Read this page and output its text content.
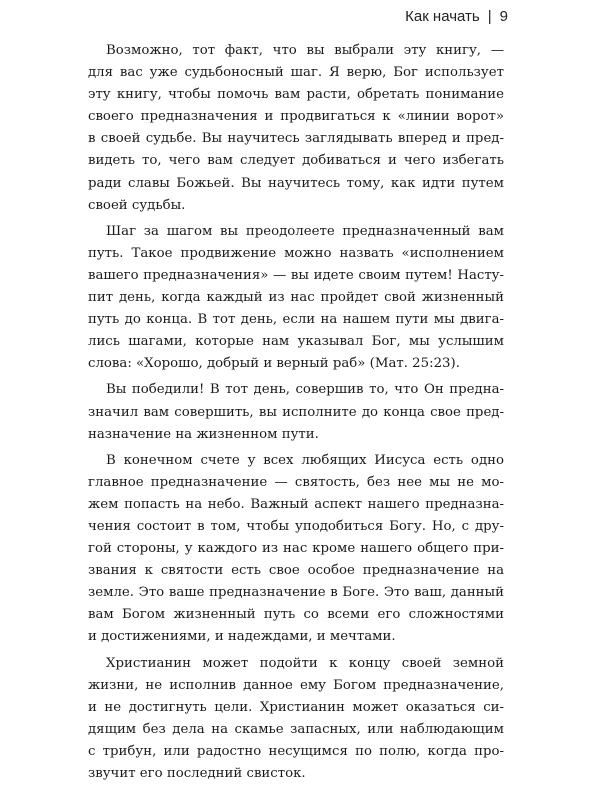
Как начать | 9
Возможно, тот факт, что вы выбрали эту книгу, —
для вас уже судьбоносный шаг. Я верю, Бог использует
эту книгу, чтобы помочь вам расти, обретать понимание
своего предназначения и продвигаться к «линии ворот»
в своей судьбе. Вы научитесь заглядывать вперед и пред-
видеть то, чего вам следует добиваться и чего избегать
ради славы Божьей. Вы научитесь тому, как идти путем
своей судьбы.
Шаг за шагом вы преодолеете предназначенный вам
путь. Такое продвижение можно назвать «исполнением
вашего предназначения» — вы идете своим путем! Насту-
пит день, когда каждый из нас пройдет свой жизненный
путь до конца. В тот день, если на нашем пути мы двига-
лись шагами, которые нам указывал Бог, мы услышим
слова: «Хорошо, добрый и верный раб» (Мат. 25:23).
Вы победили! В тот день, совершив то, что Он предна-
значил вам совершить, вы исполните до конца свое пред-
назначение на жизненном пути.
В конечном счете у всех любящих Иисуса есть одно
главное предназначение — святость, без нее мы не мо-
жем попасть на небо. Важный аспект нашего предназна-
чения состоит в том, чтобы уподобиться Богу. Но, с дру-
гой стороны, у каждого из нас кроме нашего общего при-
звания к святости есть свое особое предназначение на
земле. Это ваше предназначение в Боге. Это ваш, данный
вам Богом жизненный путь со всеми его сложностями
и достижениями, и надеждами, и мечтами.
Христианин может подойти к концу своей земной
жизни, не исполнив данное ему Богом предназначение,
и не достигнуть цели. Христианин может оказаться си-
дящим без дела на скамье запасных, или наблюдающим
с трибун, или радостно несущимся по полю, когда про-
звучит его последний свисток.
